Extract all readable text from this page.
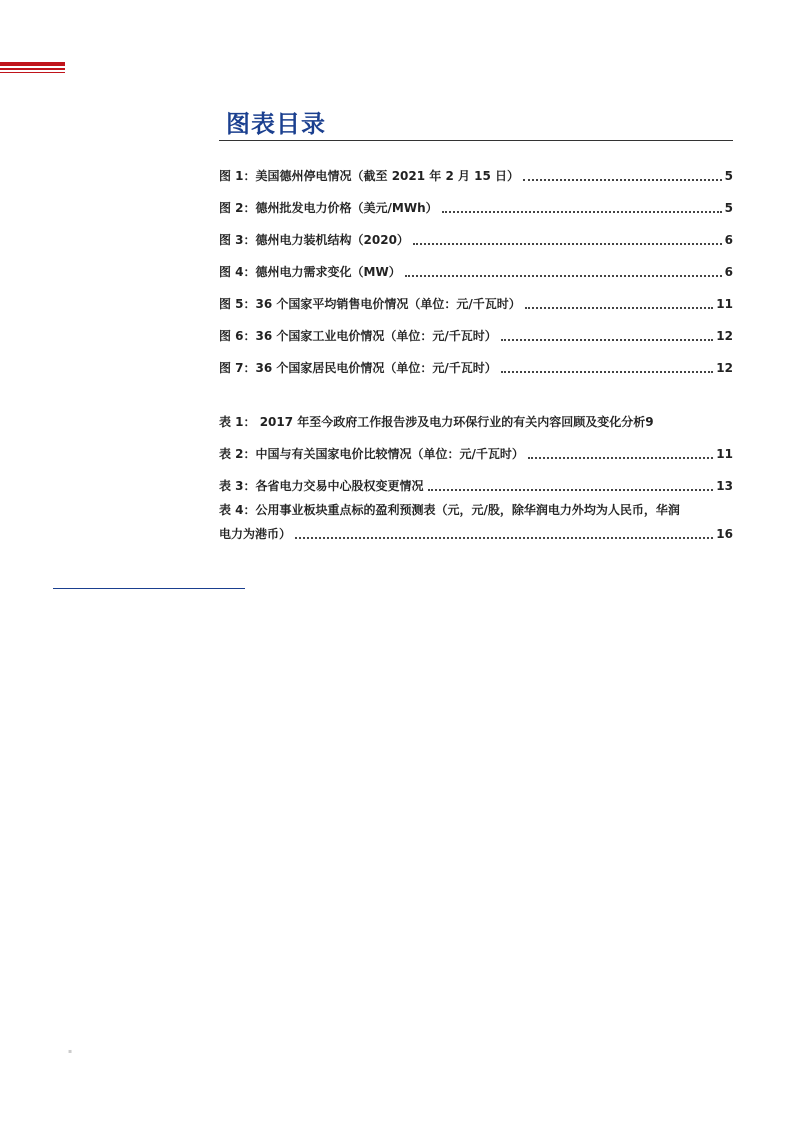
图表目录
图 1：美国德州停电情况（截至 2021 年 2 月 15 日）	5
图 2：德州批发电力价格（美元/MWh）	5
图 3：德州电力装机结构（2020）	6
图 4：德州电力需求变化（MW）	6
图 5：36 个国家平均销售电价情况（单位：元/千瓦时）	11
图 6：36 个国家工业电价情况（单位：元/千瓦时）	12
图 7：36 个国家居民电价情况（单位：元/千瓦时）	12
表 1： 2017 年至今政府工作报告涉及电力环保行业的有关内容回顾及变化分析 9
表 2：中国与有关国家电价比较情况（单位：元/千瓦时）	11
表 3：各省电力交易中心股权变更情况	13
表 4：公用事业板块重点标的盈利预测表（元，元/股，除华润电力外均为人民币，华润
电力为港币）	16
▪
